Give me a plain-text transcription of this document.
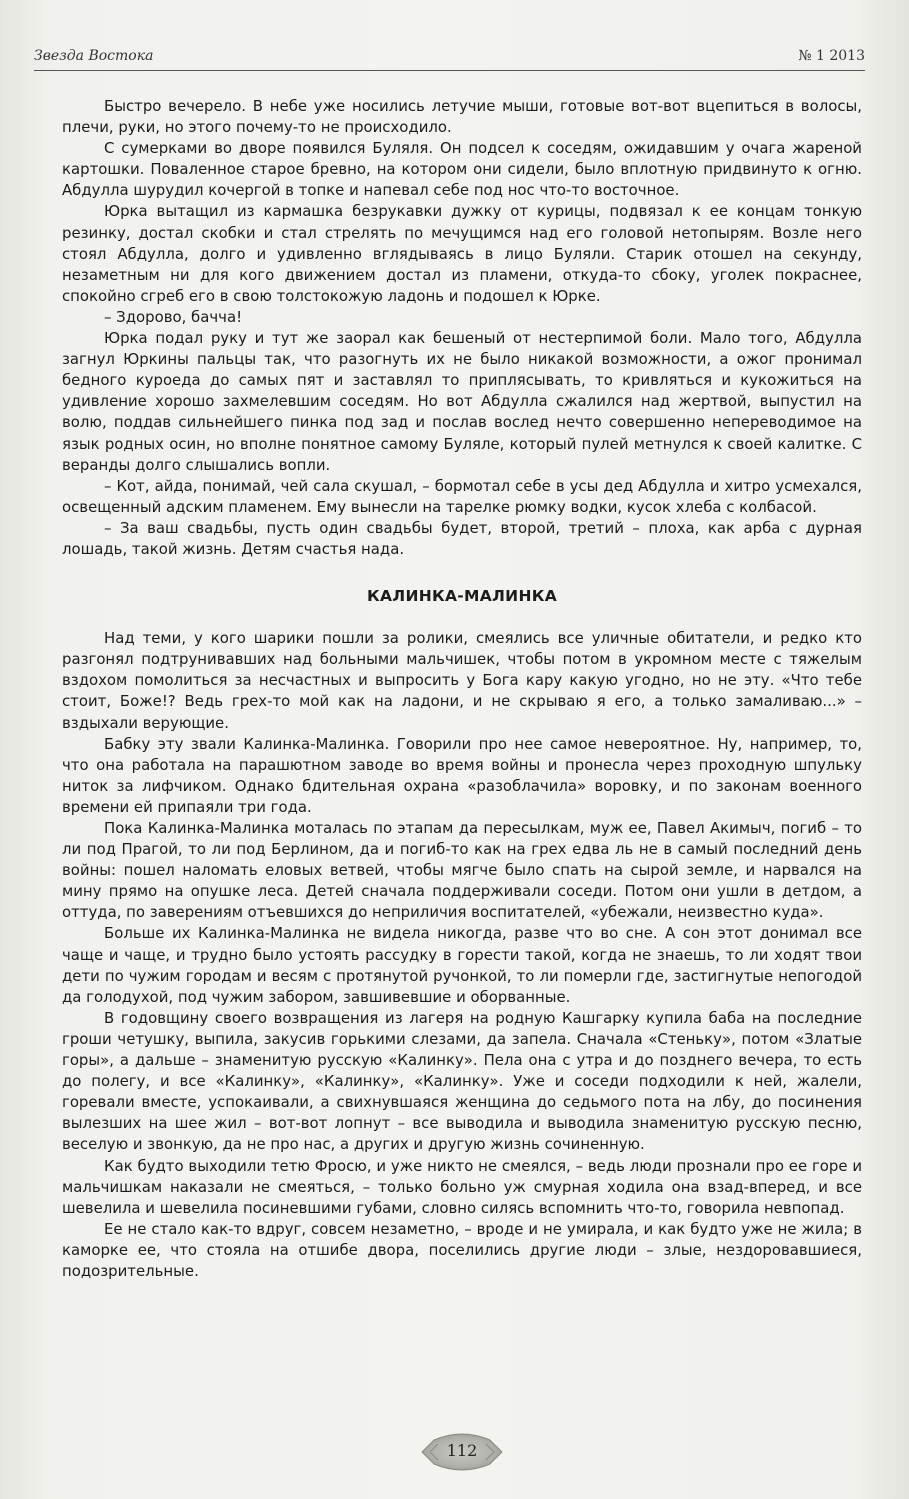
Звезда Востока	№ 1 2013

Быстро вечерело. В небе уже носились летучие мыши, готовые вот-вот вцепиться в волосы, плечи, руки, но этого почему-то не происходило.

С сумерками во дворе появился Буляля. Он подсел к соседям, ожидавшим у очага жареной картошки. Поваленное старое бревно, на котором они сидели, было вплотную придвинуто к огню. Абдулла шурудил кочергой в топке и напевал себе под нос что-то восточное.

Юрка вытащил из кармашка безрукавки дужку от курицы, подвязал к ее концам тонкую резинку, достал скобки и стал стрелять по мечущимся над его головой нетопырям. Возле него стоял Абдулла, долго и удивленно вглядываясь в лицо Буляли. Старик отошел на секунду, незаметным ни для кого движением достал из пламени, откуда-то сбоку, уголек покраснее, спокойно сгреб его в свою толстокожую ладонь и подошел к Юрке.

– Здорово, бачча!

Юрка подал руку и тут же заорал как бешеный от нестерпимой боли. Мало того, Абдулла загнул Юркины пальцы так, что разогнуть их не было никакой возможности, а ожог пронимал бедного куроеда до самых пят и заставлял то приплясывать, то кривляться и кукожиться на удивление хорошо захмелевшим соседям. Но вот Абдулла сжалился над жертвой, выпустил на волю, поддав сильнейшего пинка под зад и послав вослед нечто совершенно непереводимое на язык родных осин, но вполне понятное самому Буляле, который пулей метнулся к своей калитке. С веранды долго слышались вопли.

– Кот, айда, понимай, чей сала скушал, – бормотал себе в усы дед Абдулла и хитро усмехался, освещенный адским пламенем. Ему вынесли на тарелке рюмку водки, кусок хлеба с колбасой.

– За ваш свадьбы, пусть один свадьбы будет, второй, третий – плоха, как арба с дурная лошадь, такой жизнь. Детям счастья нада.

КАЛИНКА-МАЛИНКА

Над теми, у кого шарики пошли за ролики, смеялись все уличные обитатели, и редко кто разгонял подтрунивавших над больными мальчишек, чтобы потом в укромном месте с тяжелым вздохом помолиться за несчастных и выпросить у Бога кару какую угодно, но не эту. «Что тебе стоит, Боже!? Ведь грех-то мой как на ладони, и не скрываю я его, а только замаливаю...» – вздыхали верующие.

Бабку эту звали Калинка-Малинка. Говорили про нее самое невероятное. Ну, например, то, что она работала на парашютном заводе во время войны и пронесла через проходную шпульку ниток за лифчиком. Однако бдительная охрана «разоблачила» воровку, и по законам военного времени ей припаяли три года.

Пока Калинка-Малинка моталась по этапам да пересылкам, муж ее, Павел Акимыч, погиб – то ли под Прагой, то ли под Берлином, да и погиб-то как на грех едва ль не в самый последний день войны: пошел наломать еловых ветвей, чтобы мягче было спать на сырой земле, и нарвался на мину прямо на опушке леса. Детей сначала поддерживали соседи. Потом они ушли в детдом, а оттуда, по заверениям отъевшихся до неприличия воспитателей, «убежали, неизвестно куда».

Больше их Калинка-Малинка не видела никогда, разве что во сне. А сон этот донимал все чаще и чаще, и трудно было устоять рассудку в горести такой, когда не знаешь, то ли ходят твои дети по чужим городам и весям с протянутой ручонкой, то ли померли где, застигнутые непогодой да голодухой, под чужим забором, завшивевшие и оборванные.

В годовщину своего возвращения из лагеря на родную Кашгарку купила баба на последние гроши четушку, выпила, закусив горькими слезами, да запела. Сначала «Стеньку», потом «Златые горы», а дальше – знаменитую русскую «Калинку». Пела она с утра и до позднего вечера, то есть до полегу, и все «Калинку», «Калинку», «Калинку». Уже и соседи подходили к ней, жалели, горевали вместе, успокаивали, а свихнувшаяся женщина до седьмого пота на лбу, до посинения вылезших на шее жил – вот-вот лопнут – все выводила и выводила знаменитую русскую песню, веселую и звонкую, да не про нас, а других и другую жизнь сочиненную.

Как будто выходили тетю Фросю, и уже никто не смеялся, – ведь люди прознали про ее горе и мальчишкам наказали не смеяться, – только больно уж смурная ходила она взад-вперед, и все шевелила и шевелила посиневшими губами, словно силясь вспомнить что-то, говорила невпопад.

Ее не стало как-то вдруг, совсем незаметно, – вроде и не умирала, и как будто уже не жила; в каморке ее, что стояла на отшибе двора, поселились другие люди – злые, нездоровавшиеся, подозрительные.

112
